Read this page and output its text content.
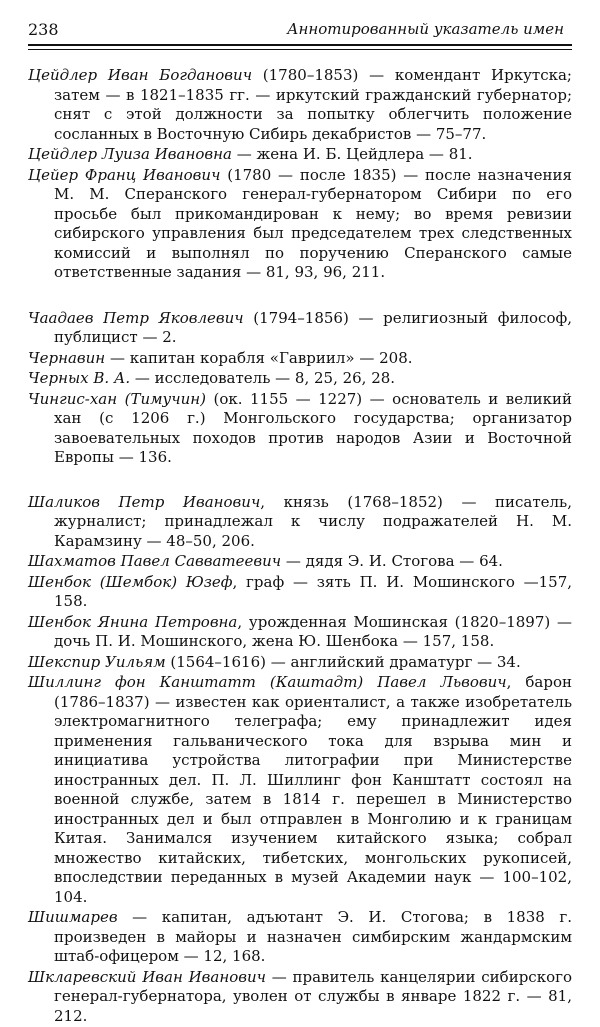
238	Аннотированный указатель имен

Цейдлер Иван Богданович (1780–1853) — комендант Иркутска; затем — в 1821–1835 гг. — иркутский гражданский губернатор; снят с этой должности за попытку облегчить положение сосланных в Восточную Сибирь декабристов — 75–77.

Цейдлер Луиза Ивановна — жена И. Б. Цейдлера — 81.

Цейер Франц Иванович (1780 — после 1835) — после назначения М. М. Сперанского генерал-губернатором Сибири по его просьбе был прикомандирован к нему; во время ревизии сибирского управления был председателем трех следственных комиссий и выполнял по поручению Сперанского самые ответственные задания — 81, 93, 96, 211.

Чаадаев Петр Яковлевич (1794–1856) — религиозный философ, публицист — 2.

Чернавин — капитан корабля «Гавриил» — 208.

Черных В. А. — исследователь — 8, 25, 26, 28.

Чингис-хан (Тимучин) (ок. 1155 — 1227) — основатель и великий хан (с 1206 г.) Монгольского государства; организатор завоевательных походов против народов Азии и Восточной Европы — 136.

Шаликов Петр Иванович, князь (1768–1852) — писатель, журналист; принадлежал к числу подражателей Н. М. Карамзину — 48–50, 206.

Шахматов Павел Савватеевич — дядя Э. И. Стогова — 64.

Шенбок (Шембок) Юзеф, граф — зять П. И. Мошинского —157, 158.

Шенбок Янина Петровна, урожденная Мошинская (1820–1897) — дочь П. И. Мошинского, жена Ю. Шенбока — 157, 158.

Шекспир Уильям (1564–1616) — английский драматург — 34.

Шиллинг фон Канштатт (Каштадт) Павел Львович, барон (1786–1837) — известен как ориенталист, а также изобретатель электромагнитного телеграфа; ему принадлежит идея применения гальванического тока для взрыва мин и инициатива устройства литографии при Министерстве иностранных дел. П. Л. Шиллинг фон Канштатт состоял на военной службе, затем в 1814 г. перешел в Министерство иностранных дел и был отправлен в Монголию и к границам Китая. Занимался изучением китайского языка; собрал множество китайских, тибетских, монгольских рукописей, впоследствии переданных в музей Академии наук — 100–102, 104.

Шишмарев — капитан, адъютант Э. И. Стогова; в 1838 г. произведен в майоры и назначен симбирским жандармским штаб-офицером — 12, 168.

Шклаpевский Иван Иванович — правитель канцелярии сибирского генерал-губернатора, уволен от службы в январе 1822 г. — 81, 212.
